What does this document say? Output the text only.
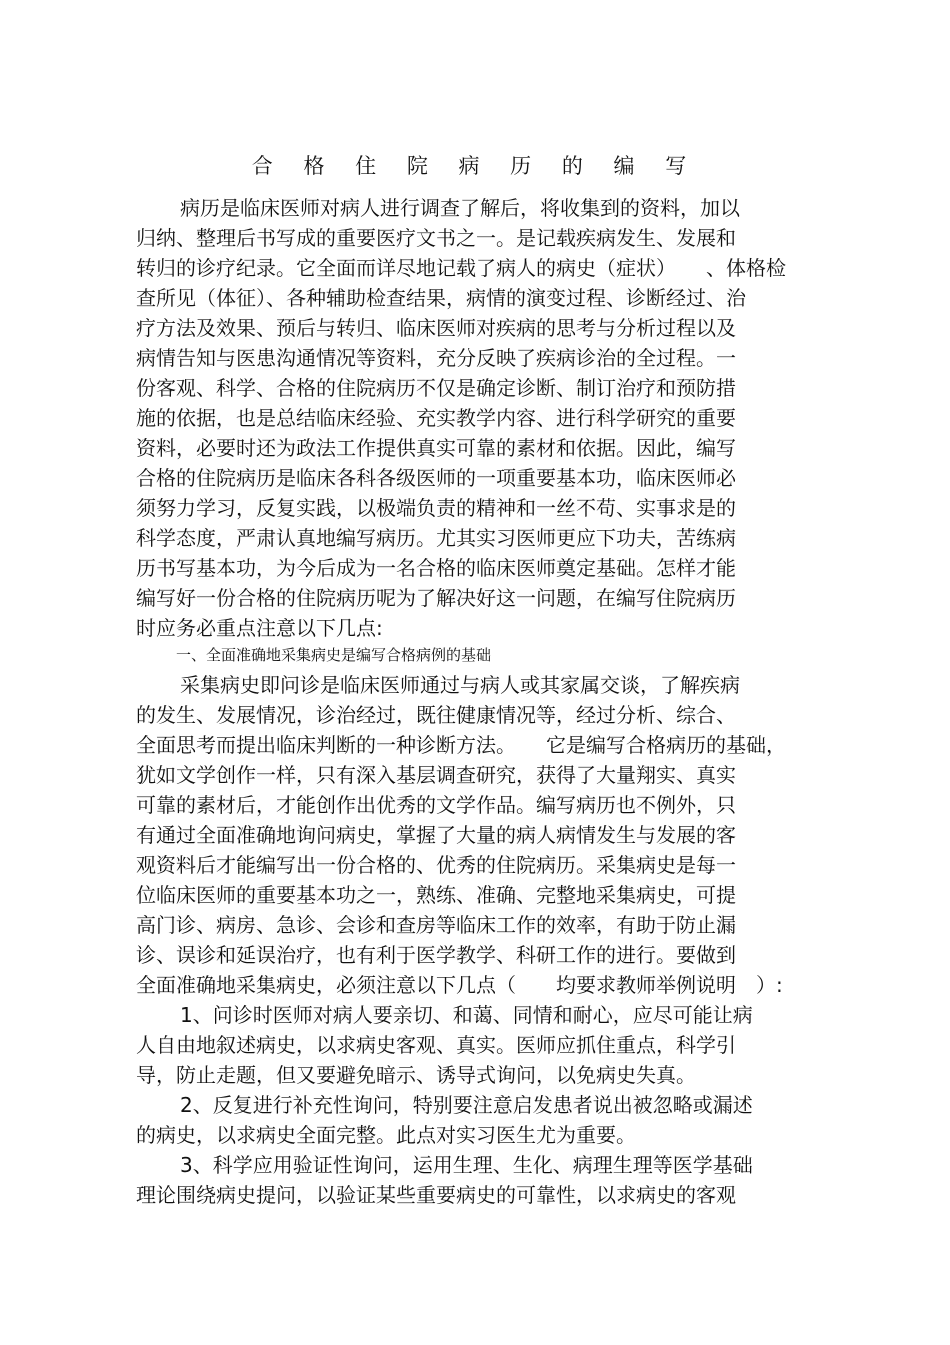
合 格 住 院 病 历 的 编 写
病历是临床医师对病人进行调查了解后，将收集到的资料，加以
归纳、整理后书写成的重要医疗文书之一。是记载疾病发生、发展和
转归的诊疗纪录。它全面而详尽地记载了病人的病史（症状）　　、体格检
查所见（体征）、各种辅助检查结果，病情的演变过程、诊断经过、治
疗方法及效果、预后与转归、临床医师对疾病的思考与分析过程以及
病情告知与医患沟通情况等资料，充分反映了疾病诊治的全过程。一
份客观、科学、合格的住院病历不仅是确定诊断、制订治疗和预防措
施的依据，也是总结临床经验、充实教学内容、进行科学研究的重要
资料，必要时还为政法工作提供真实可靠的素材和依据。因此，编写
合格的住院病历是临床各科各级医师的一项重要基本功，临床医师必
须努力学习，反复实践，以极端负责的精神和一丝不苟、实事求是的
科学态度，严肃认真地编写病历。尤其实习医师更应下功夫，苦练病
历书写基本功，为今后成为一名合格的临床医师奠定基础。怎样才能
编写好一份合格的住院病历呢为了解决好这一问题，在编写住院病历
时应务必重点注意以下几点:
一、全面准确地采集病史是编写合格病例的基础
采集病史即问诊是临床医师通过与病人或其家属交谈，了解疾病
的发生、发展情况，诊治经过，既往健康情况等，经过分析、综合、
全面思考而提出临床判断的一种诊断方法。　　它是编写合格病历的基础，
犹如文学创作一样，只有深入基层调查研究，获得了大量翔实、真实
可靠的素材后，才能创作出优秀的文学作品。编写病历也不例外，只
有通过全面准确地询问病史，掌握了大量的病人病情发生与发展的客
观资料后才能编写出一份合格的、优秀的住院病历。采集病史是每一
位临床医师的重要基本功之一，熟练、准确、完整地采集病史，可提
高门诊、病房、急诊、会诊和查房等临床工作的效率，有助于防止漏
诊、误诊和延误治疗，也有利于医学教学、科研工作的进行。要做到
全面准确地采集病史，必须注意以下几点（　　均要求教师举例说明　）:
1、问诊时医师对病人要亲切、和蔼、同情和耐心，应尽可能让病
人自由地叙述病史，以求病史客观、真实。医师应抓住重点，科学引
导，防止走题，但又要避免暗示、诱导式询问，以免病史失真。
2、反复进行补充性询问，特别要注意启发患者说出被忽略或漏述
的病史，以求病史全面完整。此点对实习医生尤为重要。
3、科学应用验证性询问，运用生理、生化、病理生理等医学基础
理论围绕病史提问，以验证某些重要病史的可靠性，以求病史的客观
